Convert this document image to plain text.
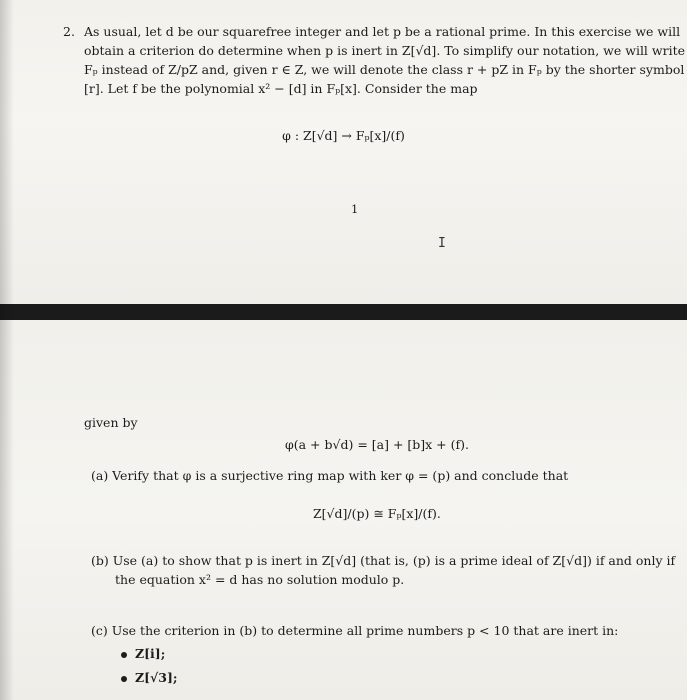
2. As usual, let d be our squarefree integer and let p be a rational prime. In this exercise we will
obtain a criterion do determine when p is inert in Z[√d]. To simplify our notation, we will write
Fₚ instead of Z/pZ and, given r ∈ Z, we will denote the class r + pZ in Fₚ by the shorter symbol
[r]. Let f be the polynomial x² − [d] in Fₚ[x]. Consider the map
φ : Z[√d] → Fₚ[x]/(f)
1
I
given by
φ(a + b√d) = [a] + [b]x + (f).
(a) Verify that φ is a surjective ring map with ker φ = (p) and conclude that
Z[√d]/(p) ≅ Fₚ[x]/(f).
(b) Use (a) to show that p is inert in Z[√d] (that is, (p) is a prime ideal of Z[√d]) if and only if
the equation x² = d has no solution modulo p.
(c) Use the criterion in (b) to determine all prime numbers p < 10 that are inert in:
Z[i];
Z[√3];
